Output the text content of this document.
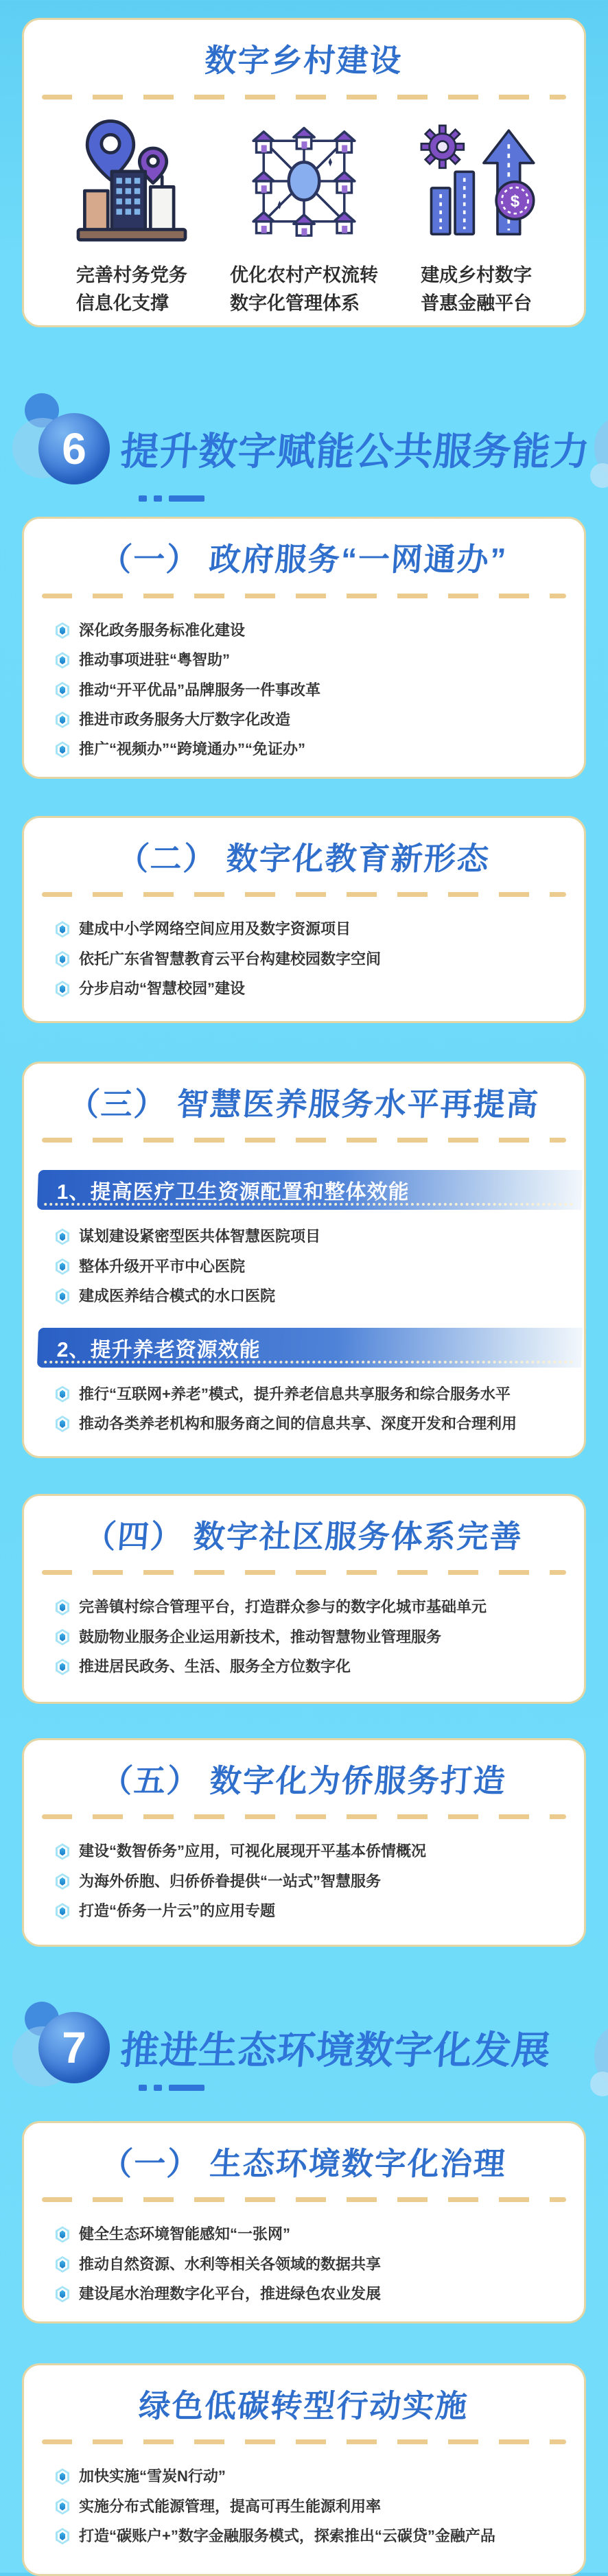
数字乡村建设
完善村务党务
信息化支撑
优化农村产权流转
数字化管理体系
$
建成乡村数字
普惠金融平台
6 提升数字赋能公共服务能力
（一） 政府服务“一网通办”
深化政务服务标准化建设
推动事项进驻“粤智助”
推动“开平优品”品牌服务一件事改革
推进市政务服务大厅数字化改造
推广“视频办”“跨境通办”“免证办”
（二） 数字化教育新形态
建成中小学网络空间应用及数字资源项目
依托广东省智慧教育云平台构建校园数字空间
分步启动“智慧校园”建设
（三） 智慧医养服务水平再提高
1、提高医疗卫生资源配置和整体效能
谋划建设紧密型医共体智慧医院项目
整体升级开平市中心医院
建成医养结合模式的水口医院
2、提升养老资源效能
推行“互联网+养老”模式，提升养老信息共享服务和综合服务水平
推动各类养老机构和服务商之间的信息共享、深度开发和合理利用
（四） 数字社区服务体系完善
完善镇村综合管理平台，打造群众参与的数字化城市基础单元
鼓励物业服务企业运用新技术，推动智慧物业管理服务
推进居民政务、生活、服务全方位数字化
（五） 数字化为侨服务打造
建设“数智侨务”应用，可视化展现开平基本侨情概况
为海外侨胞、归侨侨眷提供“一站式”智慧服务
打造“侨务一片云”的应用专题
7 推进生态环境数字化发展
（一） 生态环境数字化治理
健全生态环境智能感知“一张网”
推动自然资源、水利等相关各领域的数据共享
建设尾水治理数字化平台，推进绿色农业发展
绿色低碳转型行动实施
加快实施“雪炭N行动”
实施分布式能源管理，提高可再生能源利用率
打造“碳账户+”数字金融服务模式，探索推出“云碳贷”金融产品
